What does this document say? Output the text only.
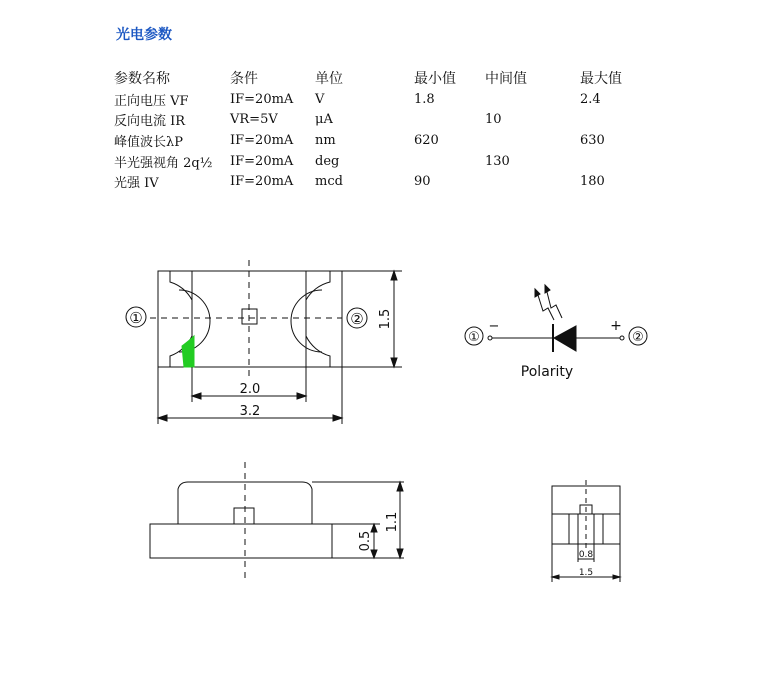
光电参数
参数名称	条件	单位	最小值	中间值	最大值
正向电压 VF	IF=20mA	V	1.8		2.4
反向电流 IR	VR=5V	μA		10	
峰值波长λP	IF=20mA	nm	620		630
半光强视角 2q½	IF=20mA	deg		130	
光强 IV	IF=20mA	mcd	90		180
①	② 1.5
2.0
3.2
①
−	+
②
Polarity
1.1
0.5
0.8
1.5
